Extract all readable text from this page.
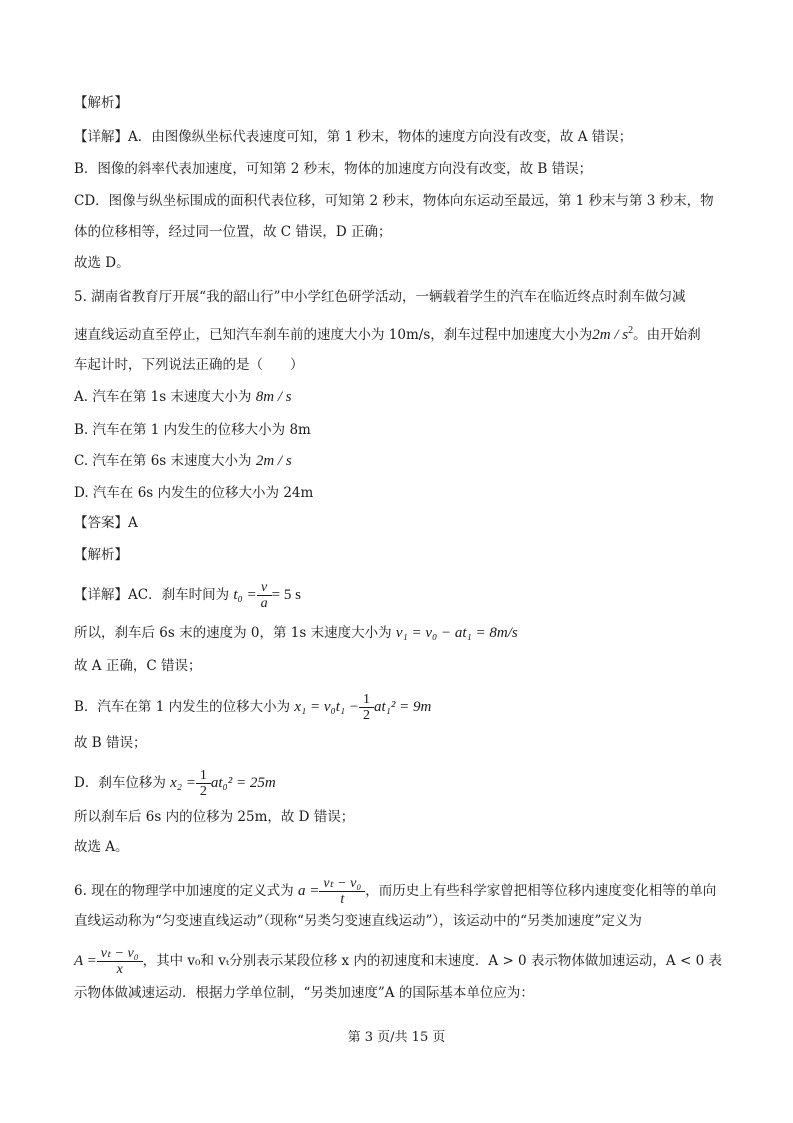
【解析】
【详解】A．由图像纵坐标代表速度可知，第 1 秒末，物体的速度方向没有改变，故 A 错误；
B．图像的斜率代表加速度，可知第 2 秒末，物体的加速度方向没有改变，故 B 错误；
CD．图像与纵坐标围成的面积代表位移，可知第 2 秒末，物体向东运动至最远，第 1 秒末与第 3 秒末，物
体的位移相等，经过同一位置，故 C 错误，D 正确；
故选 D。
5. 湖南省教育厅开展“我的韶山行”中小学红色研学活动，一辆载着学生的汽车在临近终点时刹车做匀减
速直线运动直至停止，已知汽车刹车前的速度大小为 10m/s，刹车过程中加速度大小为$2m / s^2$。由开始刹
车起计时，下列说法正确的是（　　）
A. 汽车在第 1s 末速度大小为 8m / s
B. 汽车在第 1 内发生的位移大小为 8m
C. 汽车在第 6s 末速度大小为 2m / s
D. 汽车在 6s 内发生的位移大小为 24m
【答案】A
【解析】
【详解】AC．刹车时间为 $t_0 = \frac{v}{a} = 5$ s
所以，刹车后 6s 末的速度为 0，第 1s 末速度大小为 v₁ = v₀ − at₁ = 8m/s
故 A 正确，C 错误；
B．汽车在第 1 内发生的位移大小为 $x_1 = v_0t_1 - \frac{1}{2} at_1^2 = 9m$
故 B 错误；
D．刹车位移为 $x_2 = \frac{1}{2} at_0^2 = 25m$
所以刹车后 6s 内的位移为 25m，故 D 错误；
故选 A。
6. 现在的物理学中加速度的定义式为 $a = \frac{\text{vₜ − v₀}}{t}$ ，而历史上有些科学家曾把相等位移内速度变化相等的单向
直线运动称为“匀变速直线运动”（现称“另类匀变速直线运动”），该运动中的“另类加速度”定义为
$A = \frac{\text{vₜ − v₀}}{x}$ ，其中 v₀和 vₜ分别表示某段位移 x 内的初速度和末速度．A > 0 表示物体做加速运动，A < 0 表
示物体做减速运动．根据力学单位制，“另类加速度”A 的国际基本单位应为：
第 3 页/共 15 页
